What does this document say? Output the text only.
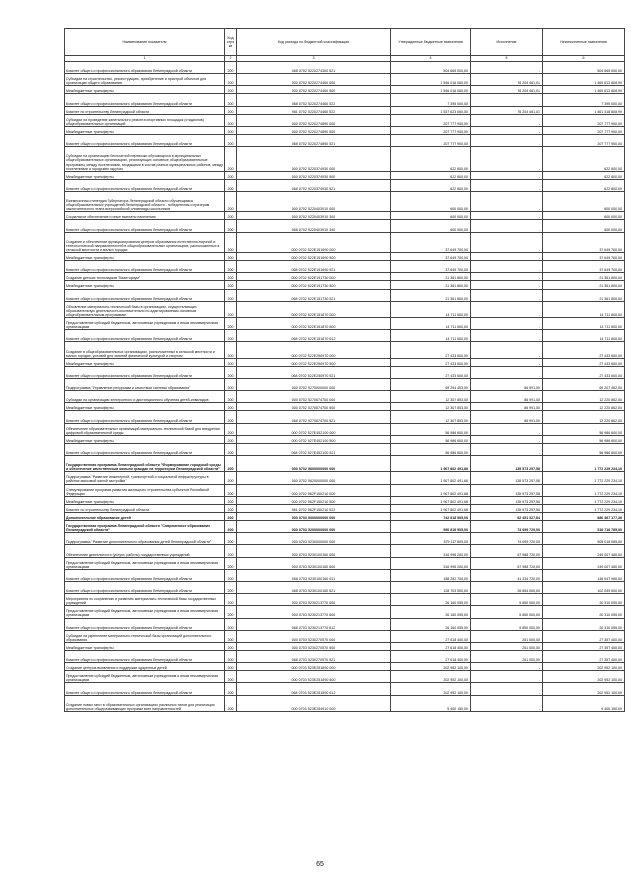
Наименование показателя	Код стро ки	Код расхода по бюджетной классификации	Утвержденные бюджетные назначения	Исполнение	Неисполненные назначения
1	2	3	4	5	6
Комитет общего и профессионального образования Ленинградской области	200	068 0702 5220274300 621	504 665 000,00	-	504 665 000,00
Субсидии на строительство, реконструкцию, приобретение и пристрой объектов для организации общего образования	200	000 0702 5220274460 000	1 546 018 060,00	76 204 481,01	1 469 813 608,99
Межбюджетные трансферты	200	000 0702 5220274460 500	1 546 018 060,00	76 204 481,01	1 469 813 608,99
Комитет общего и профессионального образования Ленинградской области	200	068 0702 5220274460 522	7 395 000,00	-	7 395 000,00
Комитет по строительству Ленинградской области	200	981 0702 5220274460 522	1 537 623 060,00	76 204 481,01	1 461 418 608,99
Субсидии на проведение капитального ремонта спортивных площадок (стадионов) общеобразовательных организаций	200	000 0702 5220274890 000	207 777 900,00	-	207 777 900,00
Межбюджетные трансферты	200	000 0702 5220274890 500	207 777 900,00	-	207 777 900,00
Комитет общего и профессионального образования Ленинградской области	200	068 0702 5220274890 521	207 777 900,00	-	207 777 900,00
Субсидии на организацию бесплатной перевозки обучающихся в муниципальных общеобразовательных организациях, реализующих основные общеобразовательные программы, между поселениями, входящими в состав разных муниципальных районов, между поселениями и городским округом	200	000 0702 5220374930 000	622 800,00	-	622 800,00
Межбюджетные трансферты	200	000 0702 5220374930 500	622 800,00	-	622 800,00
Комитет общего и профессионального образования Ленинградской области	200	068 0702 5220374930 521	622 800,00	-	622 800,00
Ежемесячная стипендия Губернатора Ленинградской области обучающимся общеобразовательных учреждений Ленинградской области - победителям и призерам заключительного этапа всероссийской олимпиады школьников	200	000 0702 5220403910 000	600 000,00	-	600 000,00
Социальное обеспечение и иные выплаты населению	200	000 0702 5220403910 300	600 000,00	-	600 000,00
Комитет общего и профессионального образования Ленинградской области	200	068 0702 5220403910 340	600 000,00	-	600 000,00
Создание и обеспечение функционирования центров образования естественно-научной и технологической направленностей в общеобразовательных организациях, расположенных в сельской местности и малых городах	200	000 0702 522E151690 000	37 649 700,00	-	37 649 700,00
Межбюджетные трансферты	200	000 0702 522E151690 500	37 649 700,00	-	37 649 700,00
Комитет общего и профессионального образования Ленинградской области	200	068 0702 522E151690 521	37 649 700,00	-	37 649 700,00
Создание детских технопарков "Кванториум"	200	000 0702 522E151730 000	21 361 800,00	-	21 361 800,00
Межбюджетные трансферты	200	000 0702 522E151730 500	21 361 800,00	-	21 361 800,00
Комитет общего и профессионального образования Ленинградской области	200	068 0702 522E151730 521	21 361 800,00	-	21 361 800,00
Обновление материально-технической базы в организациях, осуществляющих образовательную деятельность исключительно по адаптированным основным общеобразовательным программам	200	000 0702 522E151870 000	14 711 600,00	-	14 711 600,00
Предоставление субсидий бюджетным, автономным учреждениям и иным некоммерческим организациям	200	000 0702 522E151870 600	14 711 600,00	-	14 711 600,00
Комитет общего и профессионального образования Ленинградской области	200	068 0702 522E151870 612	14 711 600,00	-	14 711 600,00
Создание в общеобразовательных организациях, расположенных в сельской местности и малых городах, условий для занятий физической культурой и спортом	200	000 0702 522E250970 000	27 433 600,00	-	27 433 600,00
Межбюджетные трансферты	200	000 0702 522E250970 500	27 433 600,00	-	27 433 600,00
Комитет общего и профессионального образования Ленинградской области	200	068 0702 522E250970 521	27 433 600,00	-	27 433 600,00
Подпрограмма "Управление ресурсами и качеством системы образования"	200	000 0702 5270000000 000	69 294 453,00	86 991,00	69 207 462,00
Субсидии на организацию электронного и дистанционного обучения детей-инвалидов	200	000 0702 5270674700 000	12 307 853,00	86 991,00	12 220 862,00
Межбюджетные трансферты	200	000 0702 5270674700 500	12 307 853,00	86 991,00	12 220 862,00
Комитет общего и профессионального образования Ленинградской области	200	068 0702 5270674700 521	12 307 853,00	86 991,00	12 220 862,00
Обеспечение образовательных организаций материально-технической базой для внедрения цифровой образовательной среды	200	000 0702 527E452100 000	56 986 600,00	-	56 986 600,00
Межбюджетные трансферты	200	000 0702 527E452100 500	56 986 600,00	-	56 986 600,00
Комитет общего и профессионального образования Ленинградской области	200	068 0702 527E452100 521	56 986 600,00	-	56 986 600,00
Государственная программа Ленинградской области "Формирование городской среды и обеспечение качественным жильем граждан на территории Ленинградской области"	200	000 0702 5600000000 000	1 907 802 491,88	135 573 257,58	1 772 229 234,10
Подпрограмма "Развитие инженерной, транспортной и социальной инфраструктуры в районах массовой жилой застройки"	200	000 0702 5620000000 000	1 907 802 491,68	135 573 257,58	1 772 229 234,10
Стимулирование программ развития жилищного строительства субъектов Российской Федерации	200	000 0702 562F150210 000	1 907 802 491,68	135 573 257,58	1 772 229 234,10
Межбюджетные трансферты	200	000 0702 562F150210 500	1 907 802 491,68	135 573 257,58	1 772 229 234,10
Комитет по строительству Ленинградской области	200	981 0702 562F150210 522	1 907 802 491,68	135 573 257,58	1 772 229 234,10
Дополнительное образование детей	200	000 0703 0000000000 000	742 818 505,00	62 451 327,64	680 367 177,36
Государственная программа Ленинградской области "Современное образование Ленинградской области"	200	000 0703 5200000000 000	590 816 505,00	74 099 720,00	516 716 785,00
Подпрограмма "Развитие дополнительного образования детей Ленинградской области"	200	000 0703 5230000000 000	579 117 805,00	74 099 720,00	505 018 085,00
Обеспечение деятельности (услуги, работы) государственных учреждений	200	000 0703 5230100160 000	316 996 200,00	67 988 720,00	249 007 480,00
Предоставление субсидий бюджетным, автономным учреждениям и иным некоммерческим организациям	200	000 0703 5230100160 600	316 996 200,00	67 988 720,00	249 007 480,00
Комитет общего и профессионального образования Ленинградской области	200	068 0703 5230100160 611	188 282 700,00	41 334 720,00	146 947 980,00
Комитет общего и профессионального образования Ленинградской области	200	068 0703 5230100160 621	128 703 500,00	26 654 000,00	102 049 500,00
Мероприятия по сохранению и развитию материально-технической базы государственных учреждений	200	000 0703 5230213770 000	26 160 055,00	5 850 000,00	20 310 055,00
Предоставление субсидий бюджетным, автономным учреждениям и иным некоммерческим организациям	200	000 0703 5230213770 600	26 160 055,00	5 850 000,00	20 310 055,00
Комитет общего и профессионального образования Ленинградской области	200	068 0703 5230213770 612	26 160 055,00	5 850 000,00	20 310 055,00
Субсидии на укрепление материально-технической базы организаций дополнительного образования	200	000 0703 5230270570 000	27 618 400,00	261 000,00	27 357 400,00
Межбюджетные трансферты	200	000 0703 5230270570 500	27 618 400,00	261 000,00	27 357 400,00
Комитет общего и профессионального образования Ленинградской области	200	068 0703 5230270570 521	27 618 400,00	261 000,00	27 357 400,00
Создание центров выявления и поддержки одаренных детей	200	000 0703 523E251890 000	202 952 100,00	-	202 952 100,00
Предоставление субсидий бюджетным, автономным учреждениям и иным некоммерческим организациям	200	000 0703 523E251890 600	202 952 100,00	-	202 952 100,00
Комитет общего и профессионального образования Ленинградской области	200	068 0703 523E251890 612	202 952 100,00	-	202 952 100,00
Создание новых мест в образовательных организациях различных типов для реализации дополнительных общеразвивающих программ всех направленностей	200	000 0703 523E254910 000	5 400 150,00	-	5 400 150,00
65
